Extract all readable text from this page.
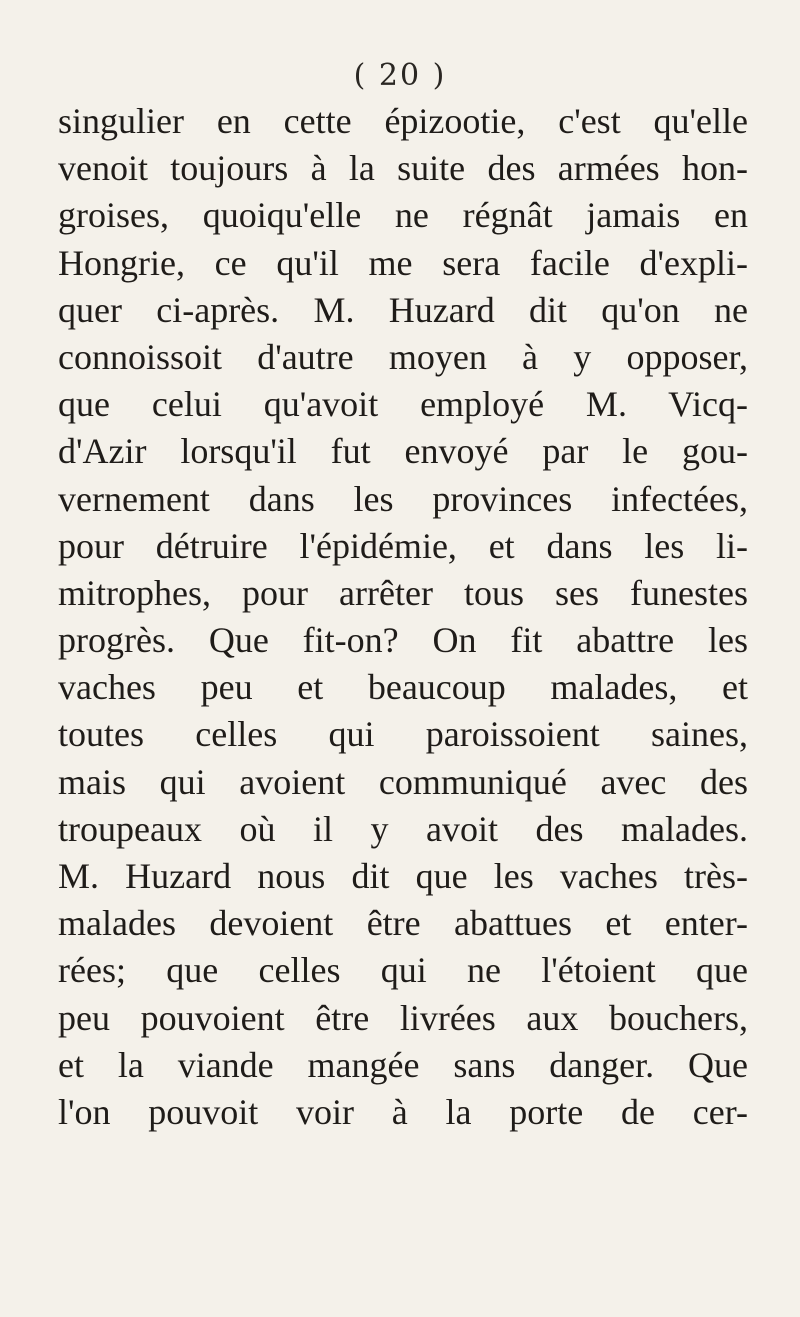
( 20 )
singulier en cette épizootie, c'est qu'elle
venoit toujours à la suite des armées hon-
groises, quoiqu'elle ne régnât jamais en
Hongrie, ce qu'il me sera facile d'expli-
quer ci-après. M. Huzard dit qu'on ne
connoissoit d'autre moyen à y opposer,
que celui qu'avoit employé M. Vicq-
d'Azir lorsqu'il fut envoyé par le gou-
vernement dans les provinces infectées,
pour détruire l'épidémie, et dans les li-
mitrophes, pour arrêter tous ses funestes
progrès. Que fit-on? On fit abattre les
vaches peu et beaucoup malades, et
toutes celles qui paroissoient saines,
mais qui avoient communiqué avec des
troupeaux où il y avoit des malades.
M. Huzard nous dit que les vaches très-
malades devoient être abattues et enter-
rées; que celles qui ne l'étoient que
peu pouvoient être livrées aux bouchers,
et la viande mangée sans danger. Que
l'on pouvoit voir à la porte de cer-
